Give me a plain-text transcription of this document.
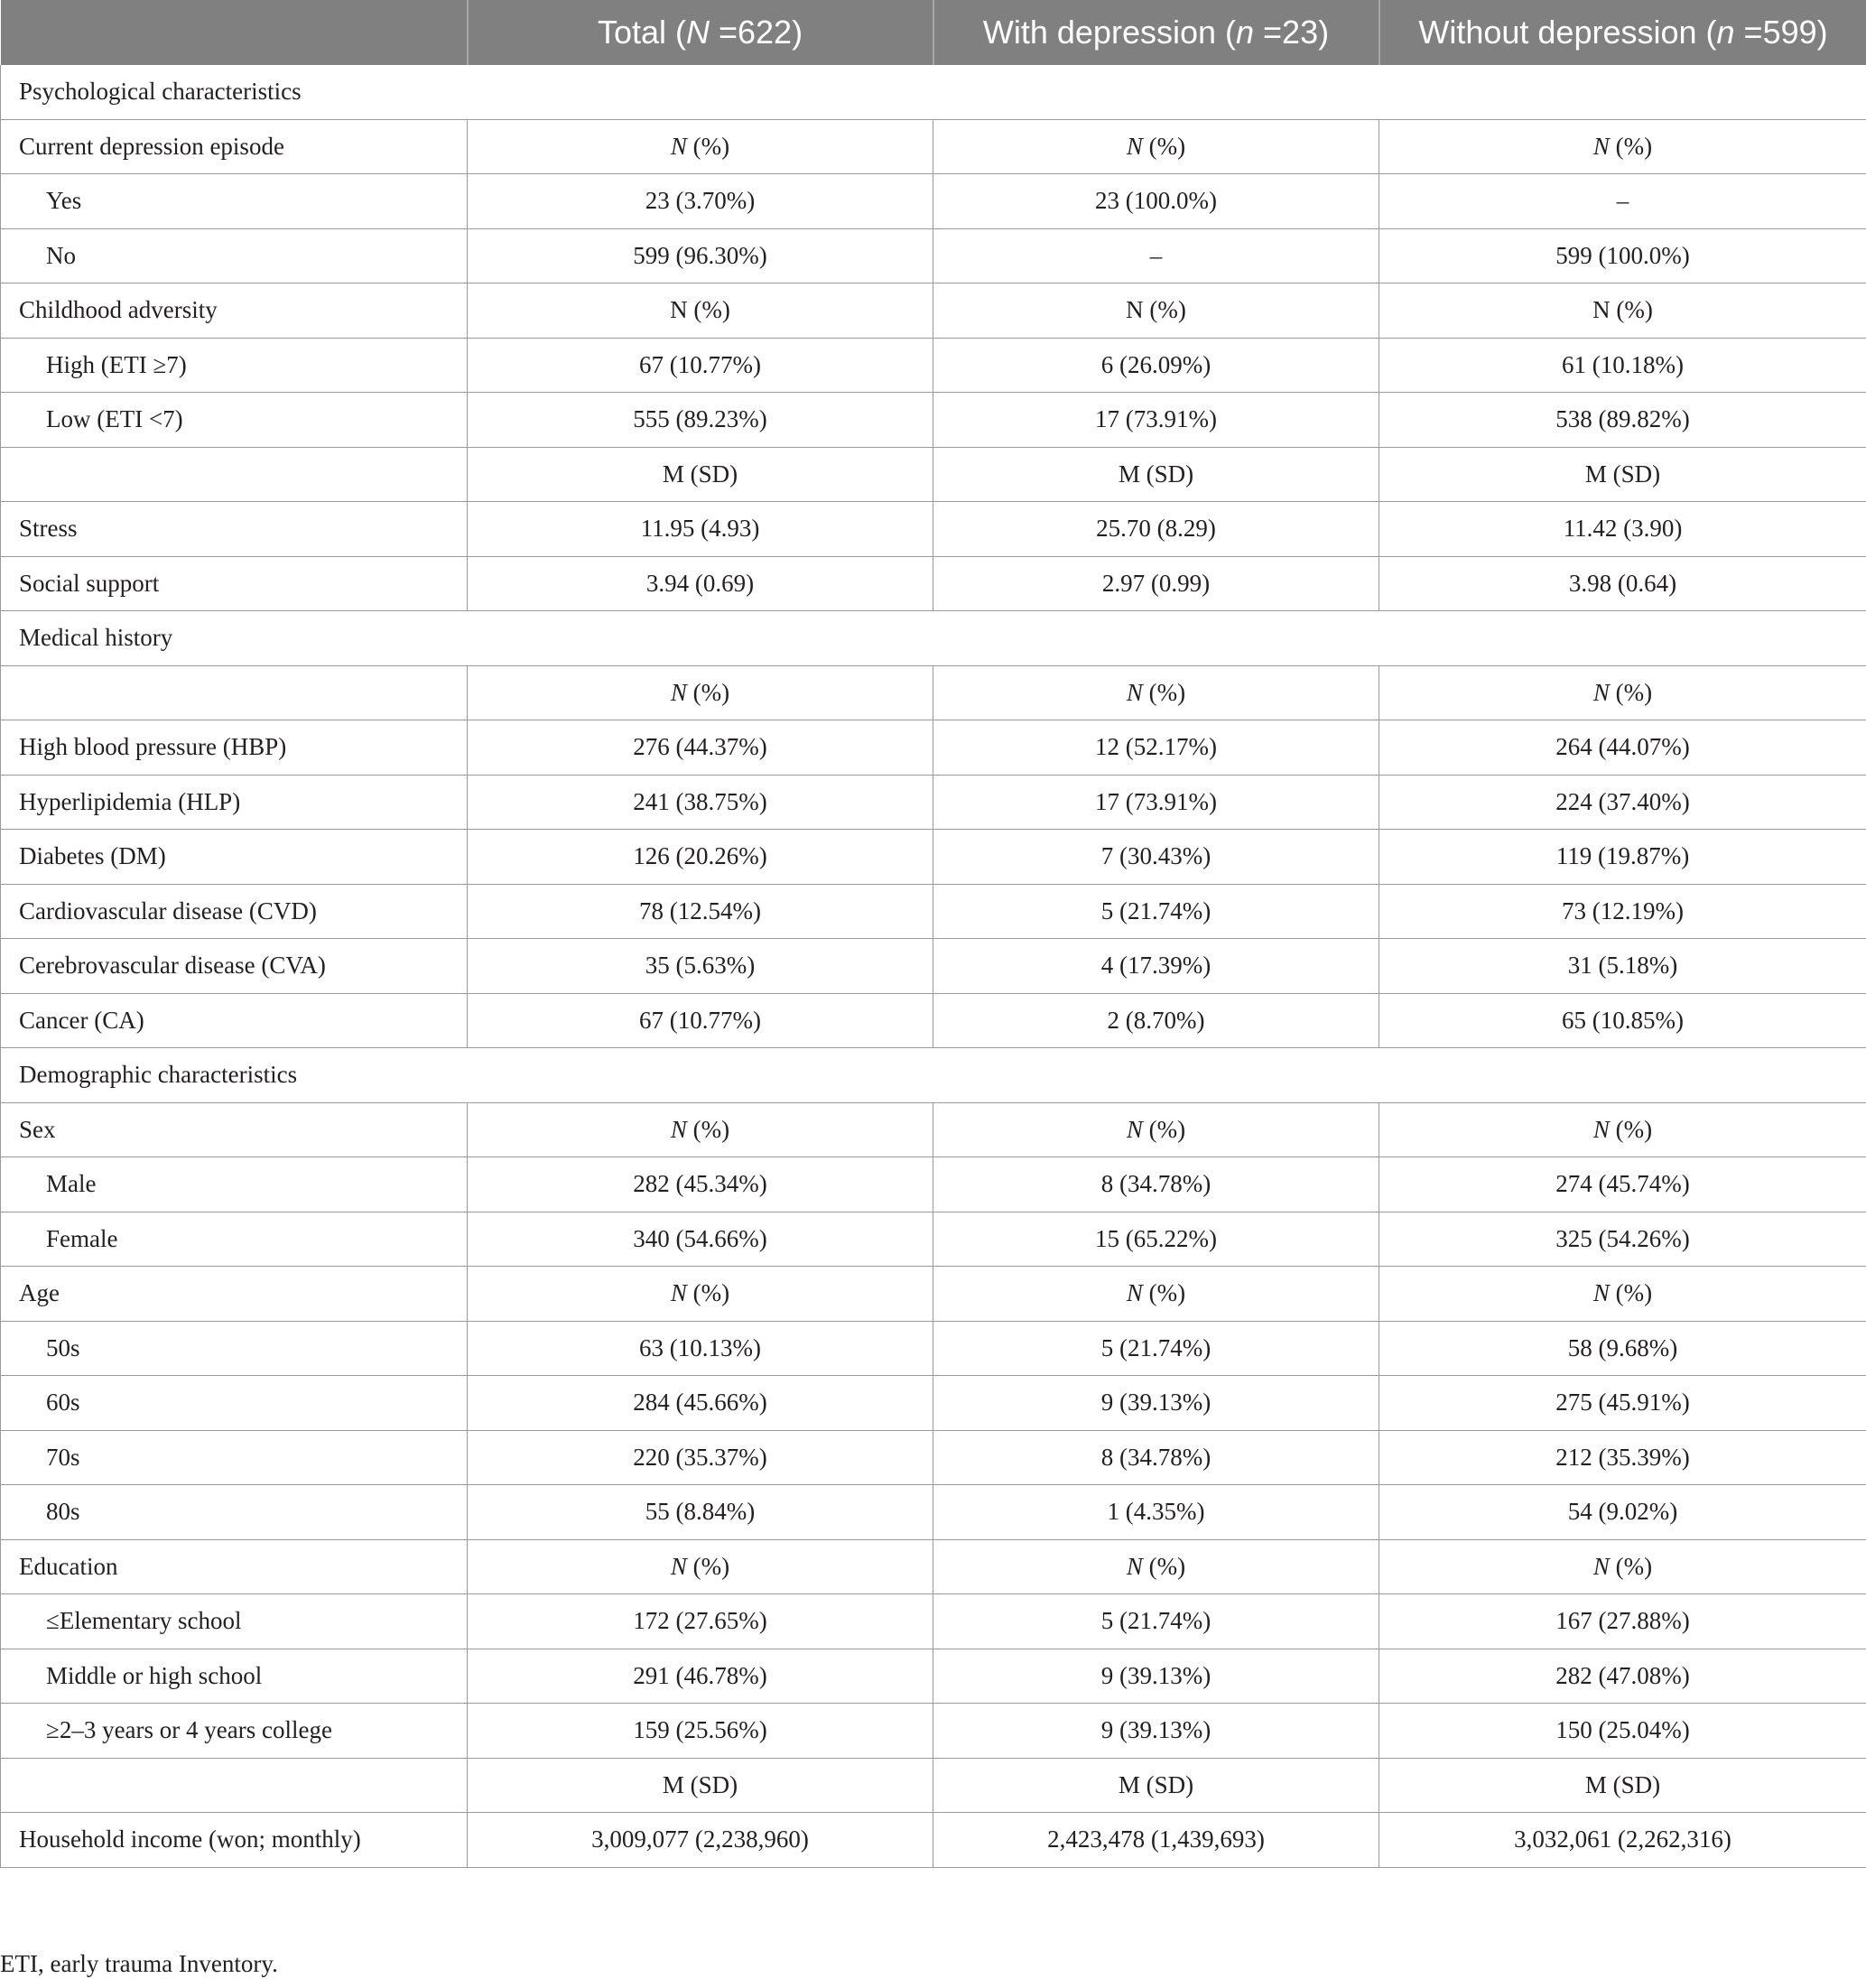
	Total (N =622)	With depression (n =23)	Without depression (n =599)
Psychological characteristics			
Current depression episode	N (%)	N (%)	N (%)
Yes	23 (3.70%)	23 (100.0%)	–
No	599 (96.30%)	–	599 (100.0%)
Childhood adversity	N (%)	N (%)	N (%)
High (ETI ≥7)	67 (10.77%)	6 (26.09%)	61 (10.18%)
Low (ETI <7)	555 (89.23%)	17 (73.91%)	538 (89.82%)
	M (SD)	M (SD)	M (SD)
Stress	11.95 (4.93)	25.70 (8.29)	11.42 (3.90)
Social support	3.94 (0.69)	2.97 (0.99)	3.98 (0.64)
Medical history			
	N (%)	N (%)	N (%)
High blood pressure (HBP)	276 (44.37%)	12 (52.17%)	264 (44.07%)
Hyperlipidemia (HLP)	241 (38.75%)	17 (73.91%)	224 (37.40%)
Diabetes (DM)	126 (20.26%)	7 (30.43%)	119 (19.87%)
Cardiovascular disease (CVD)	78 (12.54%)	5 (21.74%)	73 (12.19%)
Cerebrovascular disease (CVA)	35 (5.63%)	4 (17.39%)	31 (5.18%)
Cancer (CA)	67 (10.77%)	2 (8.70%)	65 (10.85%)
Demographic characteristics			
Sex	N (%)	N (%)	N (%)
Male	282 (45.34%)	8 (34.78%)	274 (45.74%)
Female	340 (54.66%)	15 (65.22%)	325 (54.26%)
Age	N (%)	N (%)	N (%)
50s	63 (10.13%)	5 (21.74%)	58 (9.68%)
60s	284 (45.66%)	9 (39.13%)	275 (45.91%)
70s	220 (35.37%)	8 (34.78%)	212 (35.39%)
80s	55 (8.84%)	1 (4.35%)	54 (9.02%)
Education	N (%)	N (%)	N (%)
≤Elementary school	172 (27.65%)	5 (21.74%)	167 (27.88%)
Middle or high school	291 (46.78%)	9 (39.13%)	282 (47.08%)
≥2–3 years or 4 years college	159 (25.56%)	9 (39.13%)	150 (25.04%)
	M (SD)	M (SD)	M (SD)
Household income (won; monthly)	3,009,077 (2,238,960)	2,423,478 (1,439,693)	3,032,061 (2,262,316)
ETI, early trauma Inventory.
